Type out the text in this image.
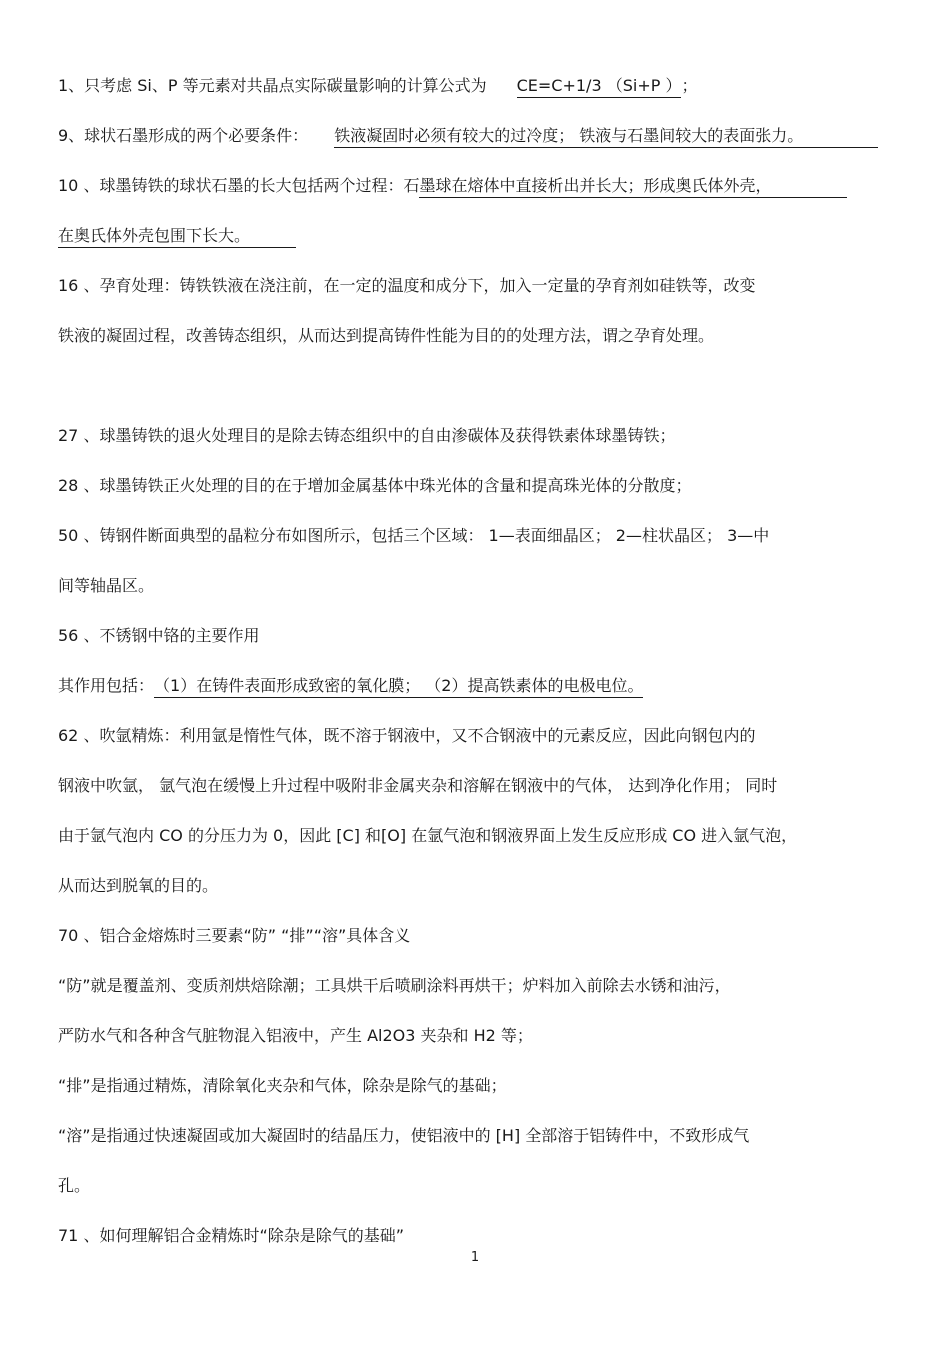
1、只考虑 Si、P 等元素对共晶点实际碳量影响的计算公式为 CE=C+1/3 （Si+P ）；
9、球状石墨形成的两个必要条件： 铁液凝固时必须有较大的过冷度； 铁液与石墨间较大的表面张力。
10 、球墨铸铁的球状石墨的长大包括两个过程：石墨球在熔体中直接析出并长大；形成奥氏体外壳，
在奥氏体外壳包围下长大。
16 、孕育处理：铸铁铁液在浇注前，在一定的温度和成分下，加入一定量的孕育剂如硅铁等，改变
铁液的凝固过程，改善铸态组织，从而达到提高铸件性能为目的的处理方法，谓之孕育处理。
27 、球墨铸铁的退火处理目的是除去铸态组织中的自由渗碳体及获得铁素体球墨铸铁；
28 、球墨铸铁正火处理的目的在于增加金属基体中珠光体的含量和提高珠光体的分散度；
50 、铸钢件断面典型的晶粒分布如图所示，包括三个区域： 1—表面细晶区； 2—柱状晶区； 3—中
间等轴晶区。
56 、不锈钢中铬的主要作用
其作用包括：（1）在铸件表面形成致密的氧化膜； （2）提高铁素体的电极电位。
62 、吹氩精炼：利用氩是惰性气体，既不溶于钢液中，又不合钢液中的元素反应，因此向钢包内的
钢液中吹氩， 氩气泡在缓慢上升过程中吸附非金属夹杂和溶解在钢液中的气体， 达到净化作用； 同时
由于氩气泡内 CO 的分压力为 0，因此 [C] 和[O] 在氩气泡和钢液界面上发生反应形成 CO 进入氩气泡，
从而达到脱氧的目的。
70 、铝合金熔炼时三要素“防” “排”“溶”具体含义
“防”就是覆盖剂、变质剂烘焙除潮；工具烘干后喷刷涂料再烘干；炉料加入前除去水锈和油污，
严防水气和各种含气脏物混入铝液中，产生 Al2O3 夹杂和 H2 等；
“排”是指通过精炼，清除氧化夹杂和气体，除杂是除气的基础；
“溶”是指通过快速凝固或加大凝固时的结晶压力，使铝液中的 [H] 全部溶于铝铸件中，不致形成气
孔。
71 、如何理解铝合金精炼时“除杂是除气的基础”
1
